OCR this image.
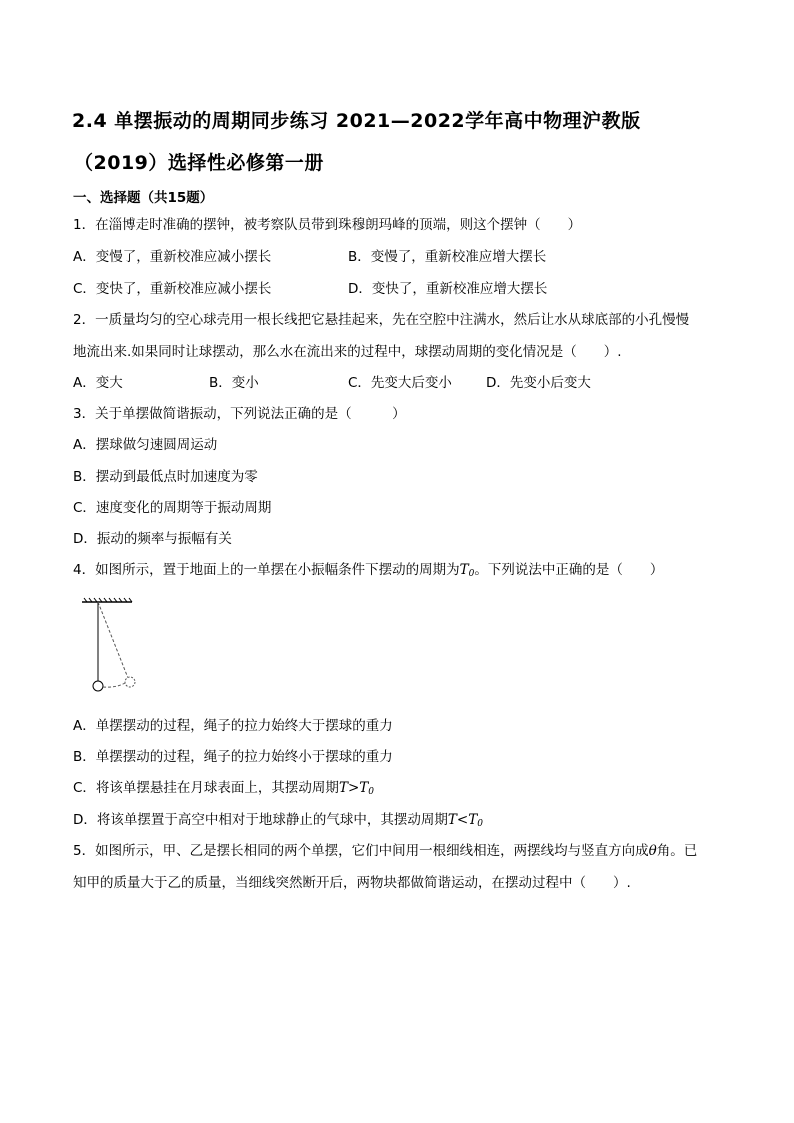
2.4 单摆振动的周期同步练习 2021—2022学年高中物理沪教版
（2019）选择性必修第一册
一、选择题（共15题）
1．在淄博走时准确的摆钟，被考察队员带到珠穆朗玛峰的顶端，则这个摆钟（　　）
A．变慢了，重新校准应减小摆长	B．变慢了，重新校准应增大摆长
C．变快了，重新校准应减小摆长	D．变快了，重新校准应增大摆长
2．一质量均匀的空心球壳用一根长线把它悬挂起来，先在空腔中注满水，然后让水从球底部的小孔慢慢
地流出来.如果同时让球摆动，那么水在流出来的过程中，球摆动周期的变化情况是（　　）.
A．变大	B．变小	C．先变大后变小	D．先变小后变大
3．关于单摆做简谐振动，下列说法正确的是（　　　）
A．摆球做匀速圆周运动
B．摆动到最低点时加速度为零
C．速度变化的周期等于振动周期
D．振动的频率与振幅有关
4．如图所示，置于地面上的一单摆在小振幅条件下摆动的周期为$T_0$。下列说法中正确的是（　　）
A．单摆摆动的过程，绳子的拉力始终大于摆球的重力
B．单摆摆动的过程，绳子的拉力始终小于摆球的重力
C．将该单摆悬挂在月球表面上，其摆动周期$T>T_0$
D．将该单摆置于高空中相对于地球静止的气球中，其摆动周期$T<T_0$
5．如图所示，甲、乙是摆长相同的两个单摆，它们中间用一根细线相连，两摆线均与竖直方向成θ角。已
知甲的质量大于乙的质量，当细线突然断开后，两物块都做简谐运动，在摆动过程中（　　）.
